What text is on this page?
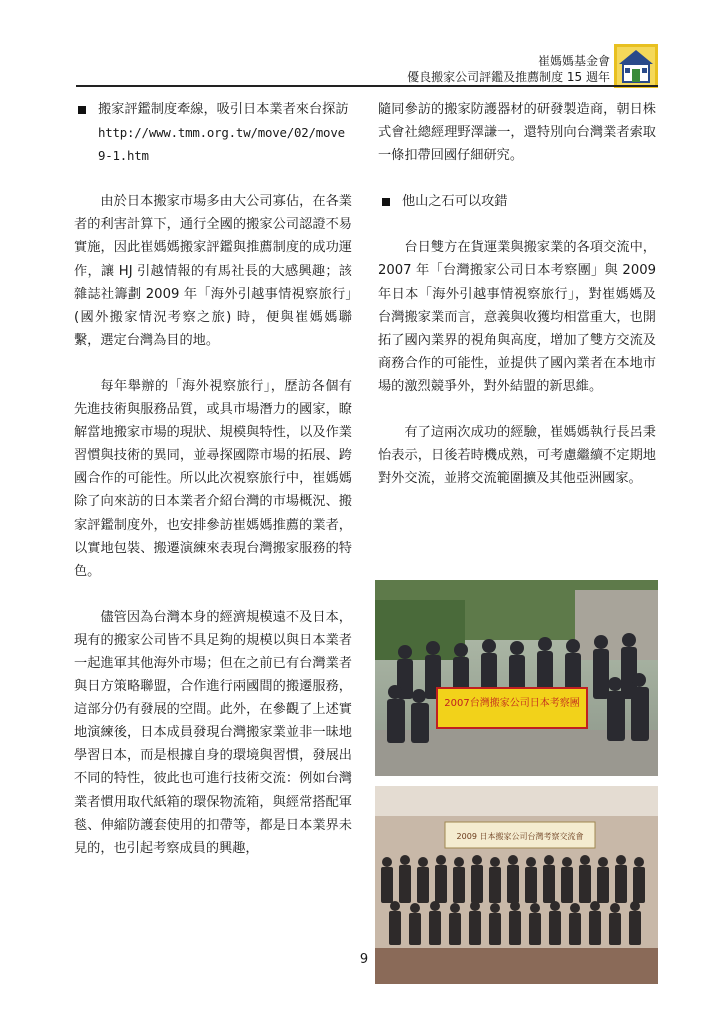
崔媽媽基金會
優良搬家公司評鑑及推薦制度 15 週年
搬家評鑑制度牽線，吸引日本業者來台探訪
http://www.tmm.org.tw/move/02/move9-1.htm

由於日本搬家市場多由大公司寡佔，在各業者的利害計算下，通行全國的搬家公司認證不易實施，因此崔媽媽搬家評鑑與推薦制度的成功運作，讓 HJ 引越情報的有馬社長的大感興趣；該雜誌社籌劃 2009 年「海外引越事情視察旅行」(國外搬家情況考察之旅) 時，便與崔媽媽聯繫，選定台灣為目的地。

每年舉辦的「海外視察旅行」，歷訪各個有先進技術與服務品質，或具市場潛力的國家，瞭解當地搬家市場的現狀、規模與特性，以及作業習慣與技術的異同，並尋探國際市場的拓展、跨國合作的可能性。所以此次視察旅行中，崔媽媽除了向來訪的日本業者介紹台灣的市場概況、搬家評鑑制度外，也安排參訪崔媽媽推薦的業者，以實地包裝、搬遷演練來表現台灣搬家服務的特色。

儘管因為台灣本身的經濟規模遠不及日本，現有的搬家公司皆不具足夠的規模以與日本業者一起進軍其他海外市場；但在之前已有台灣業者與日方策略聯盟，合作進行兩國間的搬遷服務，這部分仍有發展的空間。此外，在參觀了上述實地演練後，日本成員發現台灣搬家業並非一昧地學習日本，而是根據自身的環境與習慣，發展出不同的特性，彼此也可進行技術交流：例如台灣業者慣用取代紙箱的環保物流箱，與經常搭配軍毯、伸縮防護套使用的扣帶等，都是日本業界未見的，也引起考察成員的興趣，

隨同參訪的搬家防護器材的研發製造商，朝日株式會社總經理野澤謙一，還特別向台灣業者索取一條扣帶回國仔細研究。

他山之石可以攻錯

台日雙方在貨運業與搬家業的各項交流中，2007 年「台灣搬家公司日本考察團」與 2009 年日本「海外引越事情視察旅行」，對崔媽媽及台灣搬家業而言，意義與收獲均相當重大，也開拓了國內業界的視角與高度，增加了雙方交流及商務合作的可能性，並提供了國內業者在本地市場的激烈競爭外，對外結盟的新思維。

有了這兩次成功的經驗，崔媽媽執行長呂秉怡表示，日後若時機成熟，可考慮繼續不定期地對外交流，並將交流範圍擴及其他亞洲國家。

2007台灣搬家公司日本考察團
2009 日本搬家公司台灣考察交流會
9
